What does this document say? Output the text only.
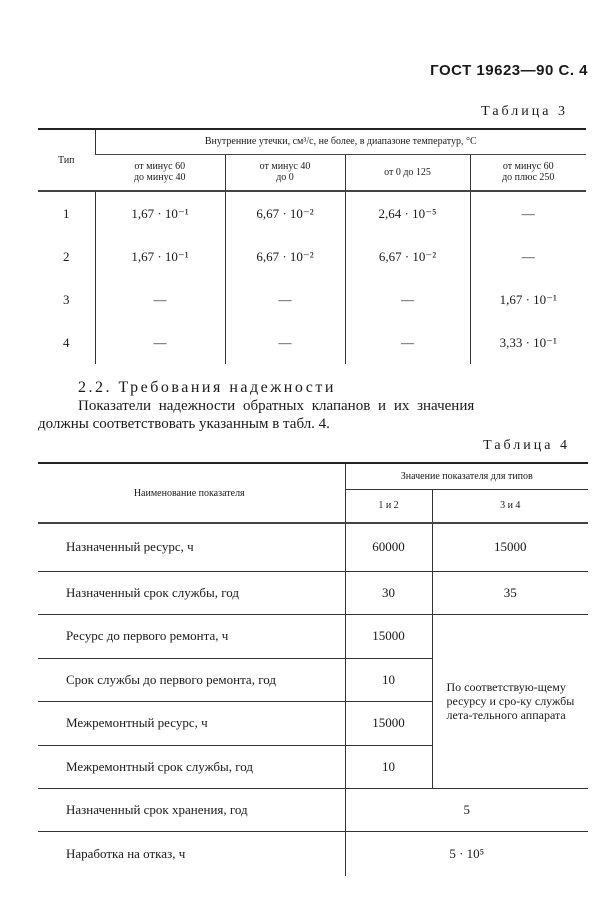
ГОСТ 19623—90 С. 4
Таблица 3
Тип	Внутренние утечки, см³/с, не более, в диапазоне температур, °С			
	от минус 60
до минус 40	от минус 40
до 0	от 0 до 125	от минус 60
до плюс 250
1	1,67 · 10⁻¹	6,67 · 10⁻²	2,64 · 10⁻⁵	—
2	1,67 · 10⁻¹	6,67 · 10⁻²	6,67 · 10⁻²	—
3	—	—	—	1,67 · 10⁻¹
4	—	—	—	3,33 · 10⁻¹
2.2. Требования надежности
Показатели надежности обратных клапанов и их значения
должны соответствовать указанным в табл. 4.
Таблица 4
Наименование показателя	Значение показателя для типов	
	1 и 2	3 и 4
Назначенный ресурс, ч	60000	15000
Назначенный срок службы, год	30	35
Ресурс до первого ремонта, ч	15000	По соответствую-щему ресурсу и сро-ку службы лета-тельного аппарата
Срок службы до первого ремонта, год	10	
Межремонтный ресурс, ч	15000	
Межремонтный срок службы, год	10	
Назначенный срок хранения, год	5	
Наработка на отказ, ч	5 · 10⁵	
